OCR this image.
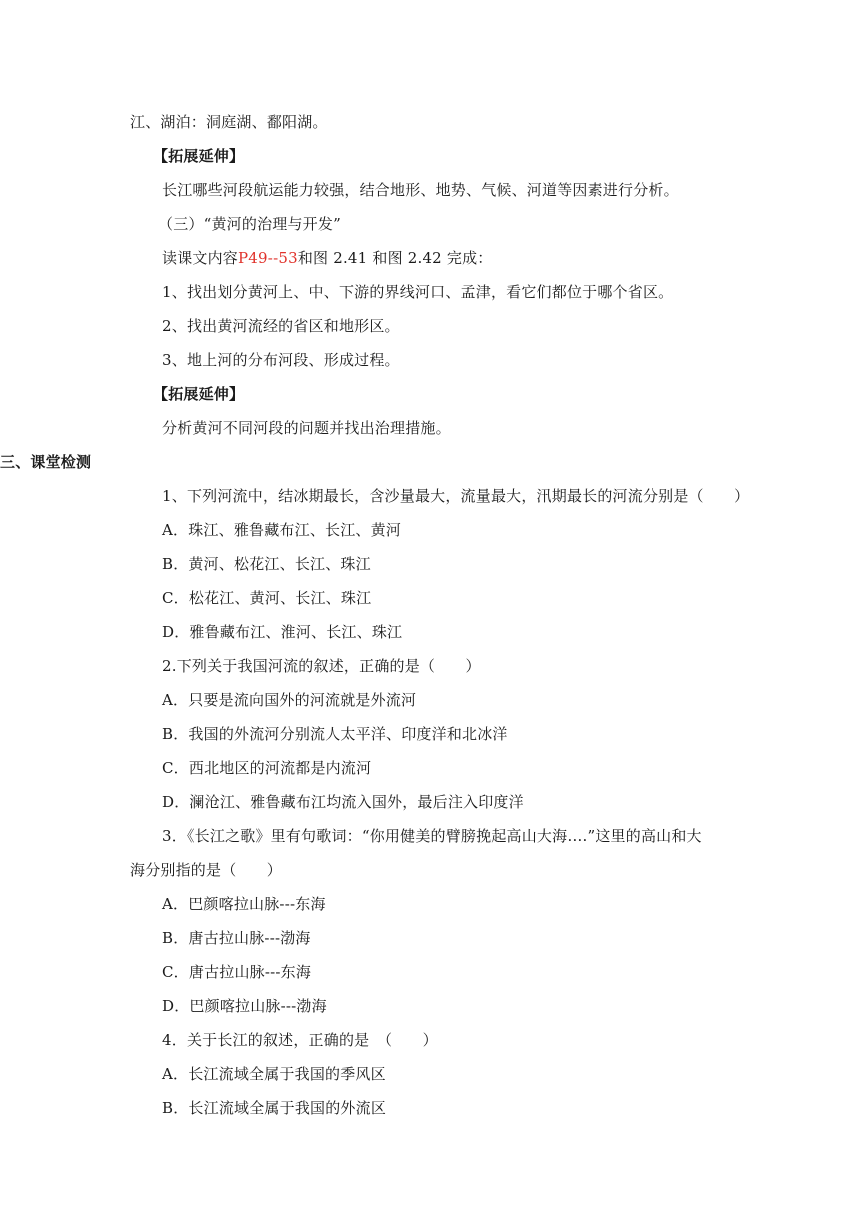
江、湖泊：洞庭湖、鄱阳湖。
【拓展延伸】
长江哪些河段航运能力较强，结合地形、地势、气候、河道等因素进行分析。
（三）“黄河的治理与开发”
读课文内容P49--53和图 2.41 和图 2.42 完成：
1、找出划分黄河上、中、下游的界线河口、孟津，看它们都位于哪个省区。
2、找出黄河流经的省区和地形区。
3、地上河的分布河段、形成过程。
【拓展延伸】
分析黄河不同河段的问题并找出治理措施。
三、课堂检测
1、下列河流中，结冰期最长，含沙量最大，流量最大，汛期最长的河流分别是（　　）
A．珠江、雅鲁藏布江、长江、黄河
B．黄河、松花江、长江、珠江
C．松花江、黄河、长江、珠江
D．雅鲁藏布江、淮河、长江、珠江
2.下列关于我国河流的叙述，正确的是（　　）
A．只要是流向国外的河流就是外流河
B．我国的外流河分别流人太平洋、印度洋和北冰洋
C．西北地区的河流都是内流河
D．澜沧江、雅鲁藏布江均流入国外，最后注入印度洋
3．《长江之歌》里有句歌词：“你用健美的臂膀挽起高山大海….”这里的高山和大
海分别指的是（　　）
A．巴颜喀拉山脉---东海
B．唐古拉山脉---渤海
C．唐古拉山脉---东海
D．巴颜喀拉山脉---渤海
4．关于长江的叙述，正确的是　（　　）
A．长江流域全属于我国的季风区
B．长江流域全属于我国的外流区
